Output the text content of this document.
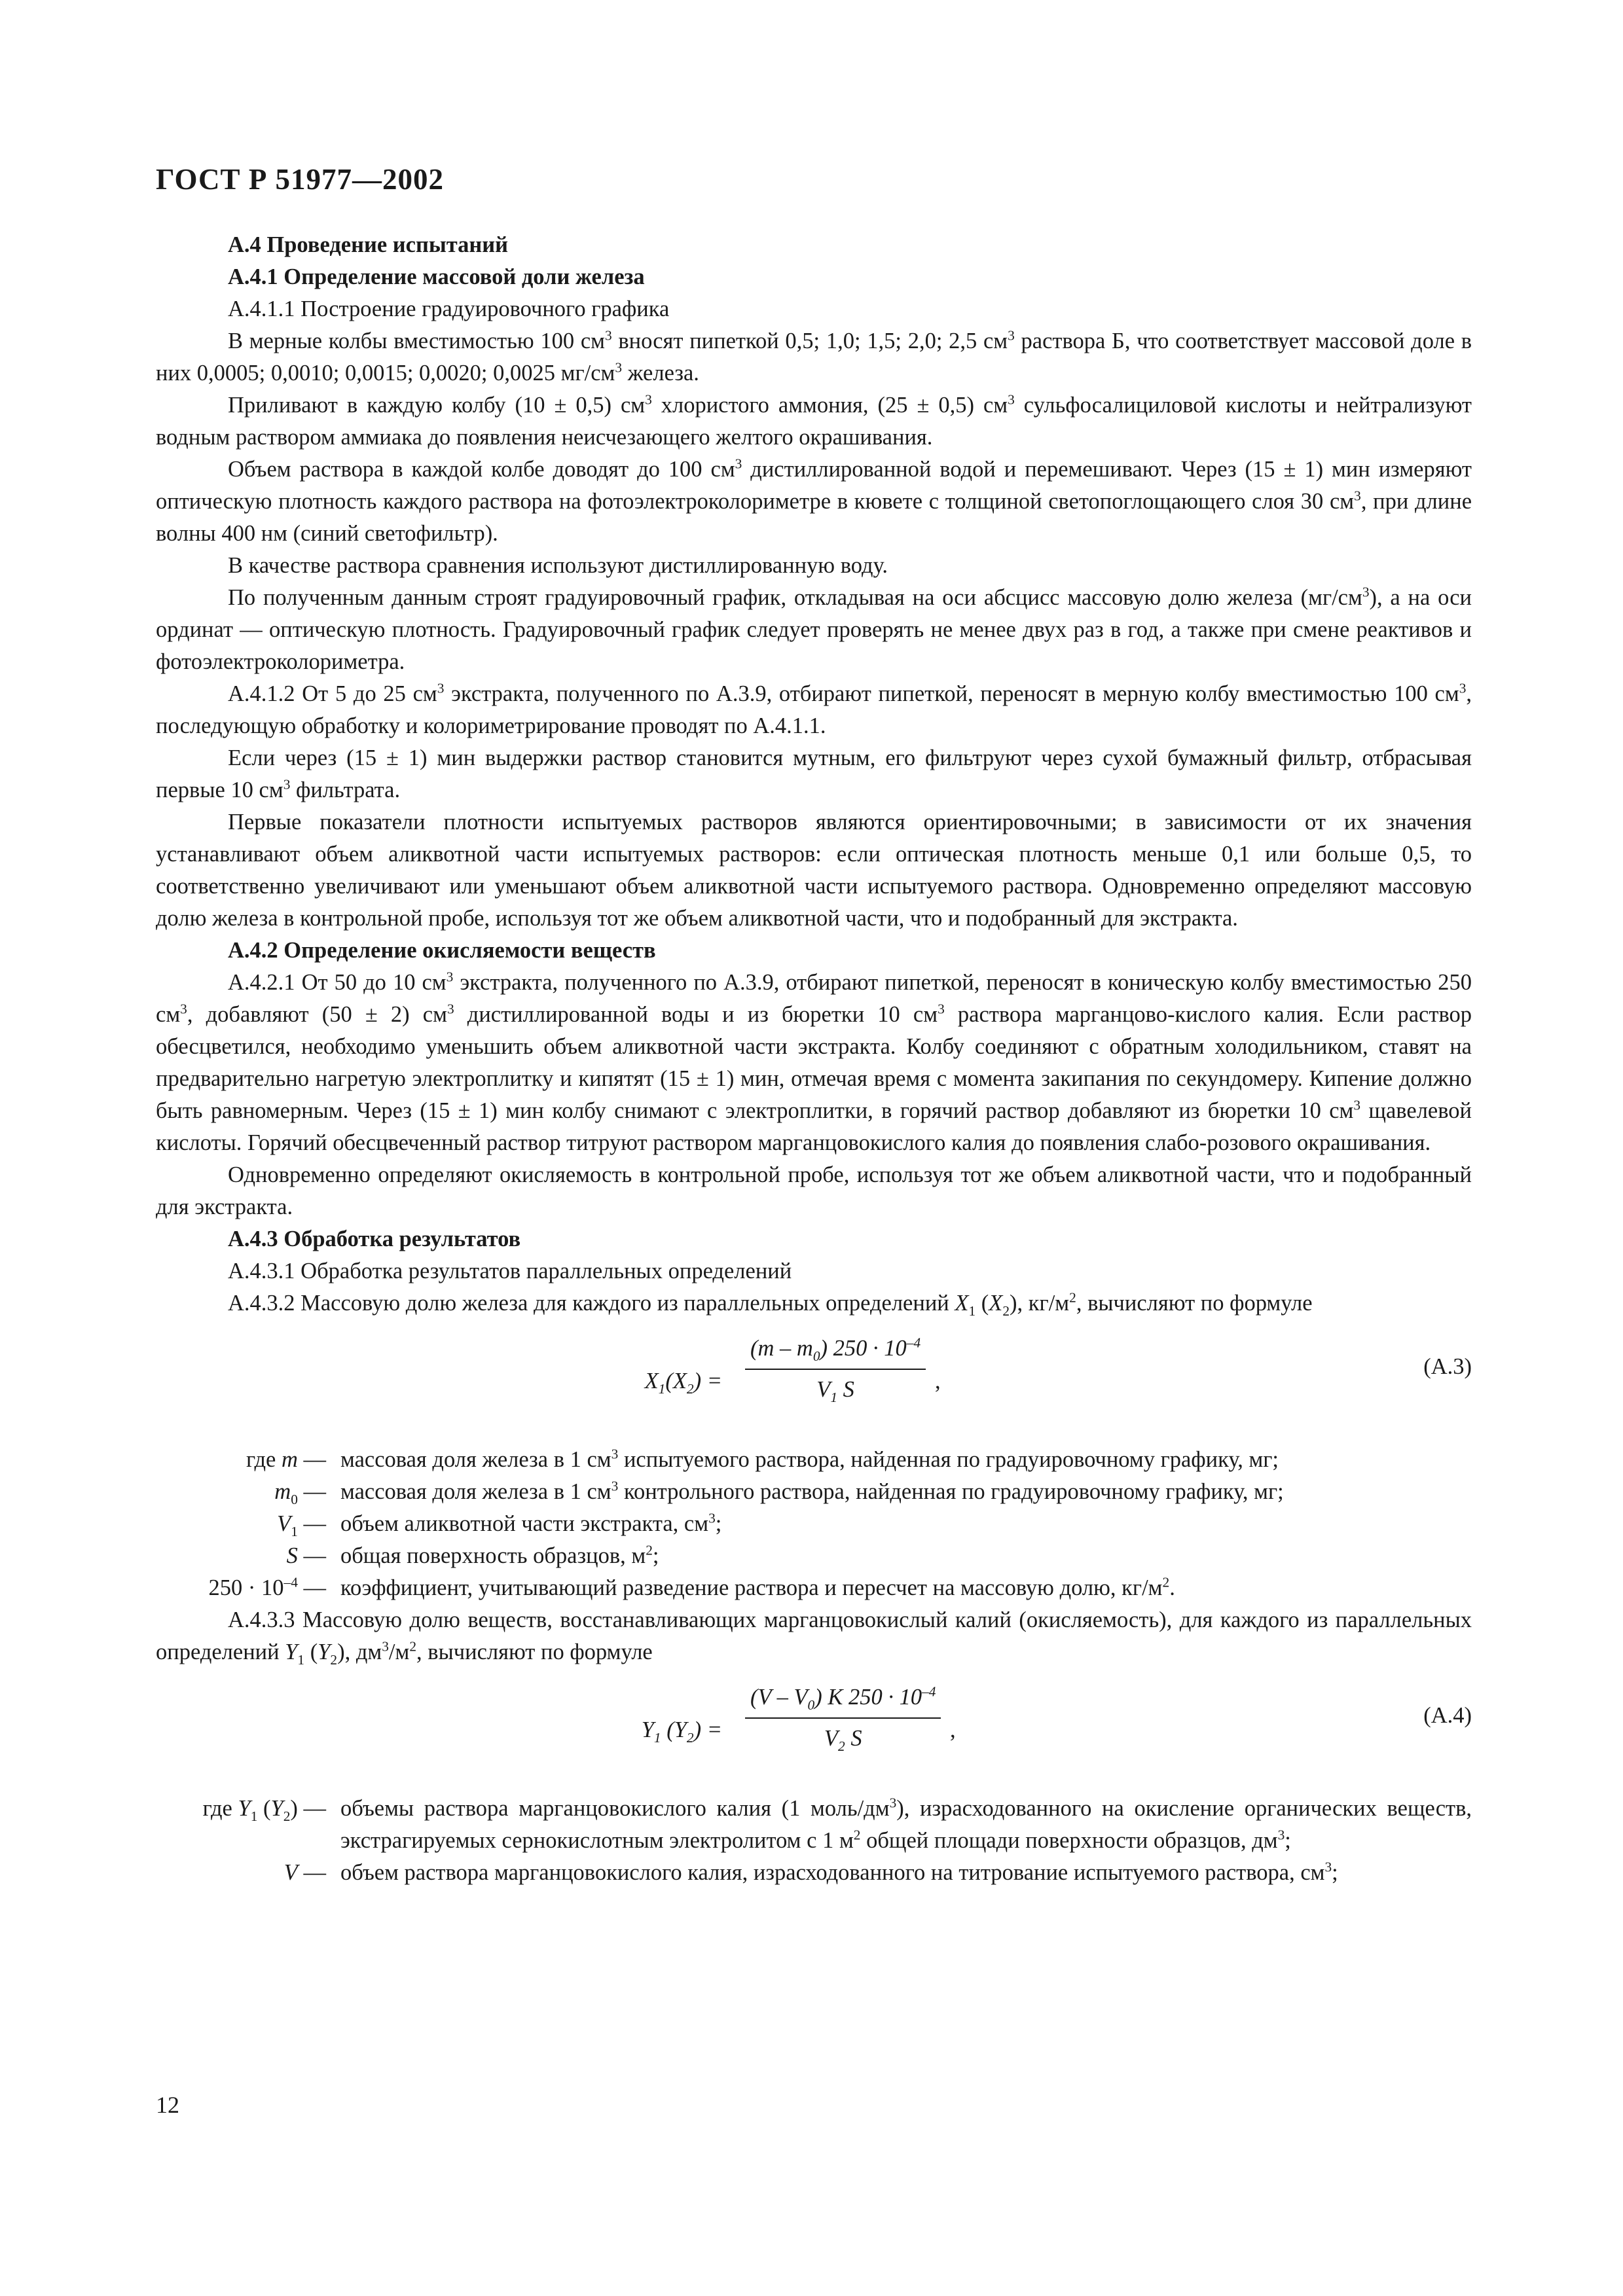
ГОСТ Р 51977—2002

А.4 Проведение испытаний

А.4.1 Определение массовой доли железа

А.4.1.1 Построение градуировочного графика

В мерные колбы вместимостью 100 $см^3$ вносят пипеткой 0,5; 1,0; 1,5; 2,0; 2,5 $см^3$ раствора Б, что соответствует массовой доле в них 0,0005; 0,0010; 0,0015; 0,0020; 0,0025 $мг/см^3$ железа.

Приливают в каждую колбу (10 ± 0,5) $см^3$ хлористого аммония, (25 ± 0,5) $см^3$ сульфосалициловой кислоты и нейтрализуют водным раствором аммиака до появления неисчезающего желтого окрашивания.

Объем раствора в каждой колбе доводят до 100 $см^3$ дистиллированной водой и перемешивают. Через (15 ± 1) мин измеряют оптическую плотность каждого раствора на фотоэлектроколориметре в кювете с толщиной светопоглощающего слоя 30 $см^3$, при длине волны 400 нм (синий светофильтр).

В качестве раствора сравнения используют дистиллированную воду.

По полученным данным строят градуировочный график, откладывая на оси абсцисс массовую долю железа $(мг/см^3)$, а на оси ординат — оптическую плотность. Градуировочный график следует проверять не менее двух раз в год, а также при смене реактивов и фотоэлектроколориметра.

А.4.1.2 От 5 до 25 $см^3$ экстракта, полученного по А.3.9, отбирают пипеткой, переносят в мерную колбу вместимостью 100 $см^3$, последующую обработку и колориметрирование проводят по А.4.1.1.

Если через (15 ± 1) мин выдержки раствор становится мутным, его фильтруют через сухой бумажный фильтр, отбрасывая первые 10 $см^3$ фильтрата.

Первые показатели плотности испытуемых растворов являются ориентировочными; в зависимости от их значения устанавливают объем аликвотной части испытуемых растворов: если оптическая плотность меньше 0,1 или больше 0,5, то соответственно увеличивают или уменьшают объем аликвотной части испытуемого раствора. Одновременно определяют массовую долю железа в контрольной пробе, используя тот же объем аликвотной части, что и подобранный для экстракта.

А.4.2 Определение окисляемости веществ

А.4.2.1 От 50 до 10 $см^3$ экстракта, полученного по А.3.9, отбирают пипеткой, переносят в коническую колбу вместимостью 250 $см^3$, добавляют (50 ± 2) $см^3$ дистиллированной воды и из бюретки 10 $см^3$ раствора марганцово-кислого калия. Если раствор обесцветился, необходимо уменьшить объем аликвотной части экстракта. Колбу соединяют с обратным холодильником, ставят на предварительно нагретую электроплитку и кипятят (15 ± 1) мин, отмечая время с момента закипания по секундомеру. Кипение должно быть равномерным. Через (15 ± 1) мин колбу снимают с электроплитки, в горячий раствор добавляют из бюретки 10 $см^3$ щавелевой кислоты. Горячий обесцвеченный раствор титруют раствором марганцовокислого калия до появления слабо-розового окрашивания.

Одновременно определяют окисляемость в контрольной пробе, используя тот же объем аликвотной части, что и подобранный для экстракта.

А.4.3 Обработка результатов

А.4.3.1 Обработка результатов параллельных определений

А.4.3.2 Массовую долю железа для каждого из параллельных определений $X_1$ $(X_2)$, $кг/м^2$, вычисляют по формуле

$X_1(X_2) = \frac{(m - m_0) 250 \cdot 10^{-4}}{V_1 S}$ ,
(А.3)
где m — массовая доля железа в 1 $см^3$ испытуемого раствора, найденная по градуировочному графику, мг;
$m_0$ — массовая доля железа в 1 $см^3$ контрольного раствора, найденная по градуировочному графику, мг;
$V_1$ — объем аликвотной части экстракта, $см^3$;
S — общая поверхность образцов, $м^2$;
$250 \cdot 10^{-4}$ — коэффициент, учитывающий разведение раствора и пересчет на массовую долю, $кг/м^2$.

А.4.3.3 Массовую долю веществ, восстанавливающих марганцовокислый калий (окисляемость), для каждого из параллельных определений $Y_1$ $(Y_2)$, $дм^3/м^2$, вычисляют по формуле

$Y_1$ $(Y_2) = \frac{(V - V_0) K 250 \cdot 10^{-4}}{V_2 S}$ ,
(А.4)
где $Y_1$ $(Y_2)$ — объемы раствора марганцовокислого калия (1 моль/$дм^3$), израсходованного на окисление органических веществ, экстрагируемых сернокислотным электролитом с 1 $м^2$ общей площади поверхности образцов, $дм^3$;
V — объем раствора марганцовокислого калия, израсходованного на титрование испытуемого раствора, $см^3$;
12
